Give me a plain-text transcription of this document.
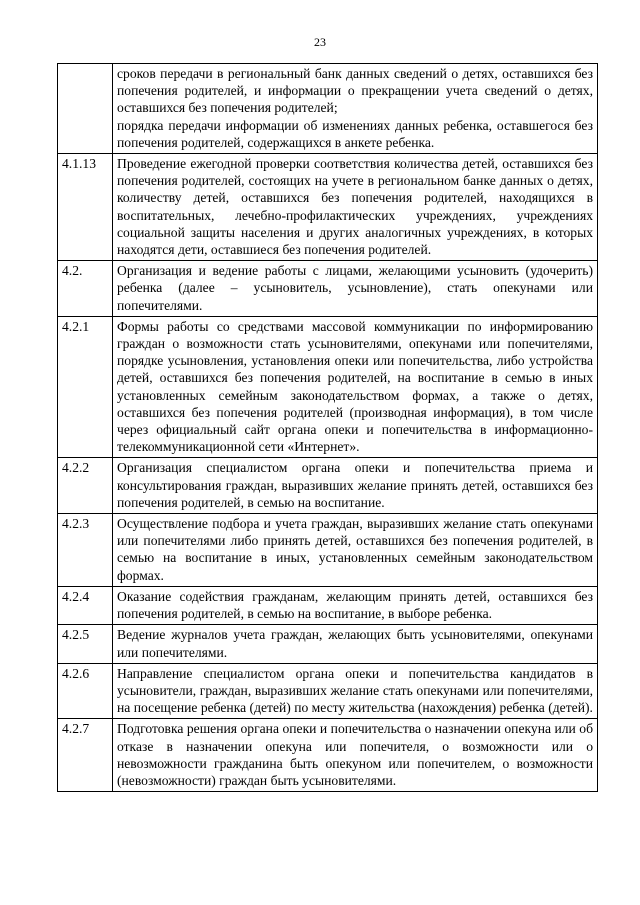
23

	сроков передачи в региональный банк данных сведений о детях, оставшихся без попечения родителей, и информации о прекращении учета сведений о детях, оставшихся без попечения родителей;
порядка передачи информации об изменениях данных ребенка, оставшегося без попечения родителей, содержащихся в анкете ребенка.

4.1.13	Проведение ежегодной проверки соответствия количества детей, оставшихся без попечения родителей, состоящих на учете в региональном банке данных о детях, количеству детей, оставшихся без попечения родителей, находящихся в воспитательных, лечебно-профилактических учреждениях, учреждениях социальной защиты населения и других аналогичных учреждениях, в которых находятся дети, оставшиеся без попечения родителей.

4.2.	Организация и ведение работы с лицами, желающими усыновить (удочерить) ребенка (далее – усыновитель, усыновление), стать опекунами или попечителями.

4.2.1	Формы работы со средствами массовой коммуникации по информированию граждан о возможности стать усыновителями, опекунами или попечителями, порядке усыновления, установления опеки или попечительства, либо устройства детей, оставшихся без попечения родителей, на воспитание в семью в иных установленных семейным законодательством формах, а также о детях, оставшихся без попечения родителей (производная информация), в том числе через официальный сайт органа опеки и попечительства в информационно-телекоммуникационной сети «Интернет».

4.2.2	Организация специалистом органа опеки и попечительства приема и консультирования граждан, выразивших желание принять детей, оставшихся без попечения родителей, в семью на воспитание.

4.2.3	Осуществление подбора и учета граждан, выразивших желание стать опекунами или попечителями либо принять детей, оставшихся без попечения родителей, в семью на воспитание в иных, установленных семейным законодательством формах.

4.2.4	Оказание содействия гражданам, желающим принять детей, оставшихся без попечения родителей, в семью на воспитание, в выборе ребенка.

4.2.5	Ведение журналов учета граждан, желающих быть усыновителями, опекунами или попечителями.

4.2.6	Направление специалистом органа опеки и попечительства кандидатов в усыновители, граждан, выразивших желание стать опекунами или попечителями, на посещение ребенка (детей) по месту жительства (нахождения) ребенка (детей).

4.2.7	Подготовка решения органа опеки и попечительства о назначении опекуна или об отказе в назначении опекуна или попечителя, о возможности или о невозможности гражданина быть опекуном или попечителем, о возможности (невозможности) граждан быть усыновителями.
